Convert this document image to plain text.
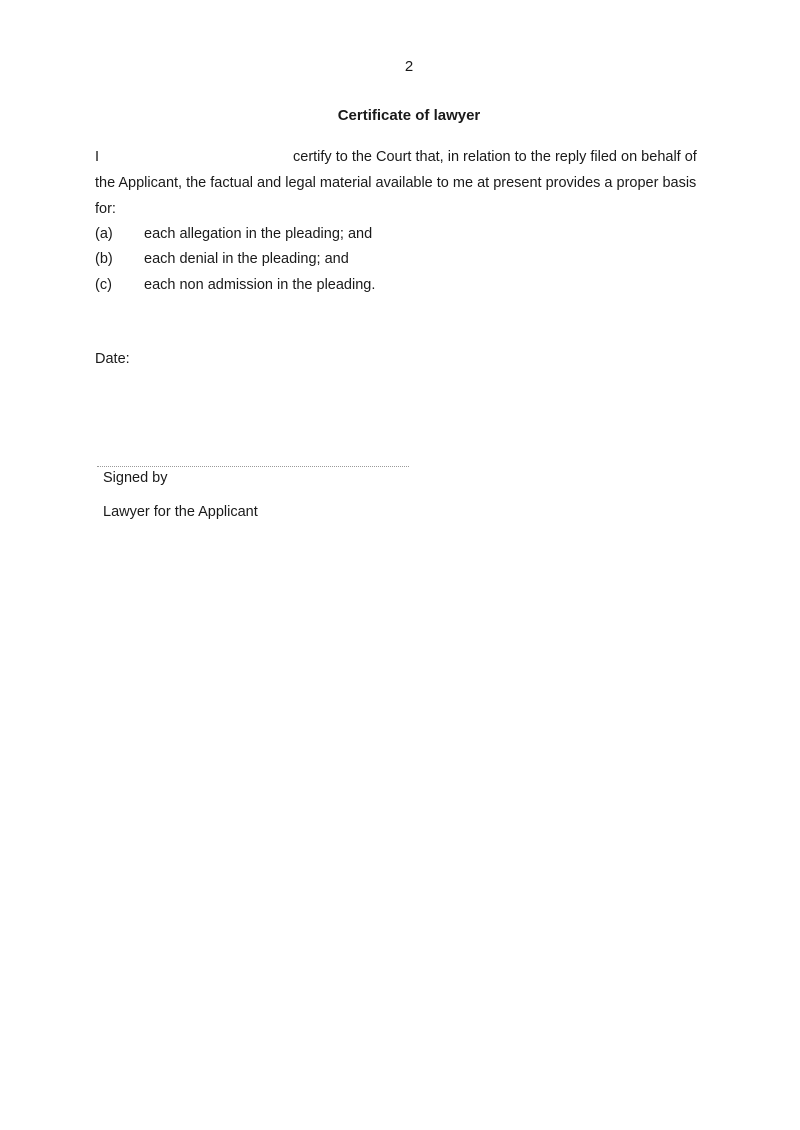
2
Certificate of lawyer
I	certify to the Court that, in relation to the reply filed on behalf of
the Applicant, the factual and legal material available to me at present provides a proper basis
for:
(a) each allegation in the pleading; and
(b) each denial in the pleading; and
(c) each non admission in the pleading.
Date:
Signed by
Lawyer for the Applicant
